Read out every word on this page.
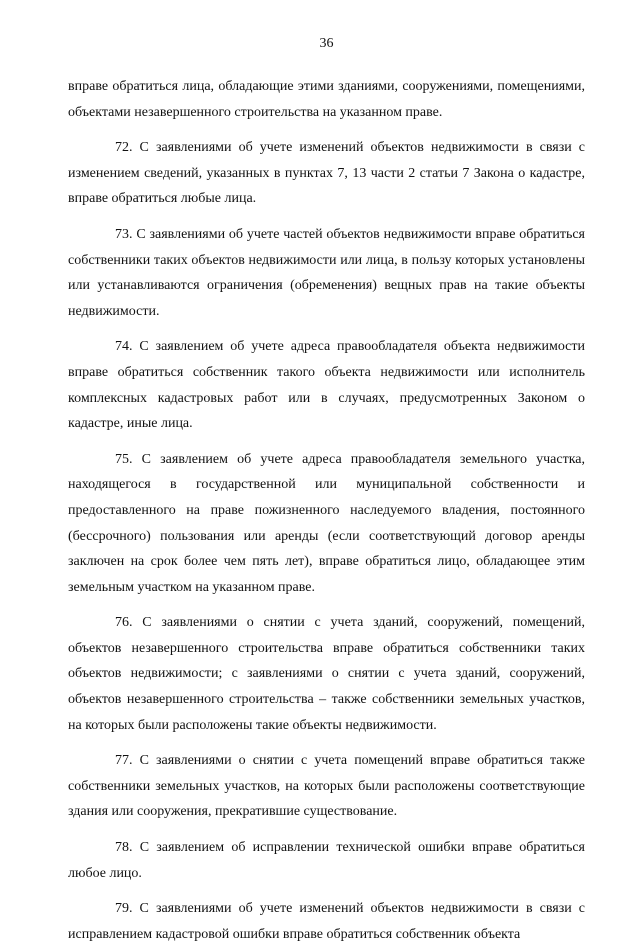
36

вправе обратиться лица, обладающие этими зданиями, сооружениями, помещениями, объектами незавершенного строительства на указанном праве.

72. С заявлениями об учете изменений объектов недвижимости в связи с изменением сведений, указанных в пунктах 7, 13 части 2 статьи 7 Закона о кадастре, вправе обратиться любые лица.

73. С заявлениями об учете частей объектов недвижимости вправе обратиться собственники таких объектов недвижимости или лица, в пользу которых установлены или устанавливаются ограничения (обременения) вещных прав на такие объекты недвижимости.

74. С заявлением об учете адреса правообладателя объекта недвижимости вправе обратиться собственник такого объекта недвижимости или исполнитель комплексных кадастровых работ или в случаях, предусмотренных Законом о кадастре, иные лица.

75. С заявлением об учете адреса правообладателя земельного участка, находящегося в государственной или муниципальной собственности и предоставленного на праве пожизненного наследуемого владения, постоянного (бессрочного) пользования или аренды (если соответствующий договор аренды заключен на срок более чем пять лет), вправе обратиться лицо, обладающее этим земельным участком на указанном праве.

76. С заявлениями о снятии с учета зданий, сооружений, помещений, объектов незавершенного строительства вправе обратиться собственники таких объектов недвижимости; с заявлениями о снятии с учета зданий, сооружений, объектов незавершенного строительства – также собственники земельных участков, на которых были расположены такие объекты недвижимости.

77. С заявлениями о снятии с учета помещений вправе обратиться также собственники земельных участков, на которых были расположены соответствующие здания или сооружения, прекратившие существование.

78. С заявлением об исправлении технической ошибки вправе обратиться любое лицо.

79. С заявлениями об учете изменений объектов недвижимости в связи с исправлением кадастровой ошибки вправе обратиться собственник объекта
